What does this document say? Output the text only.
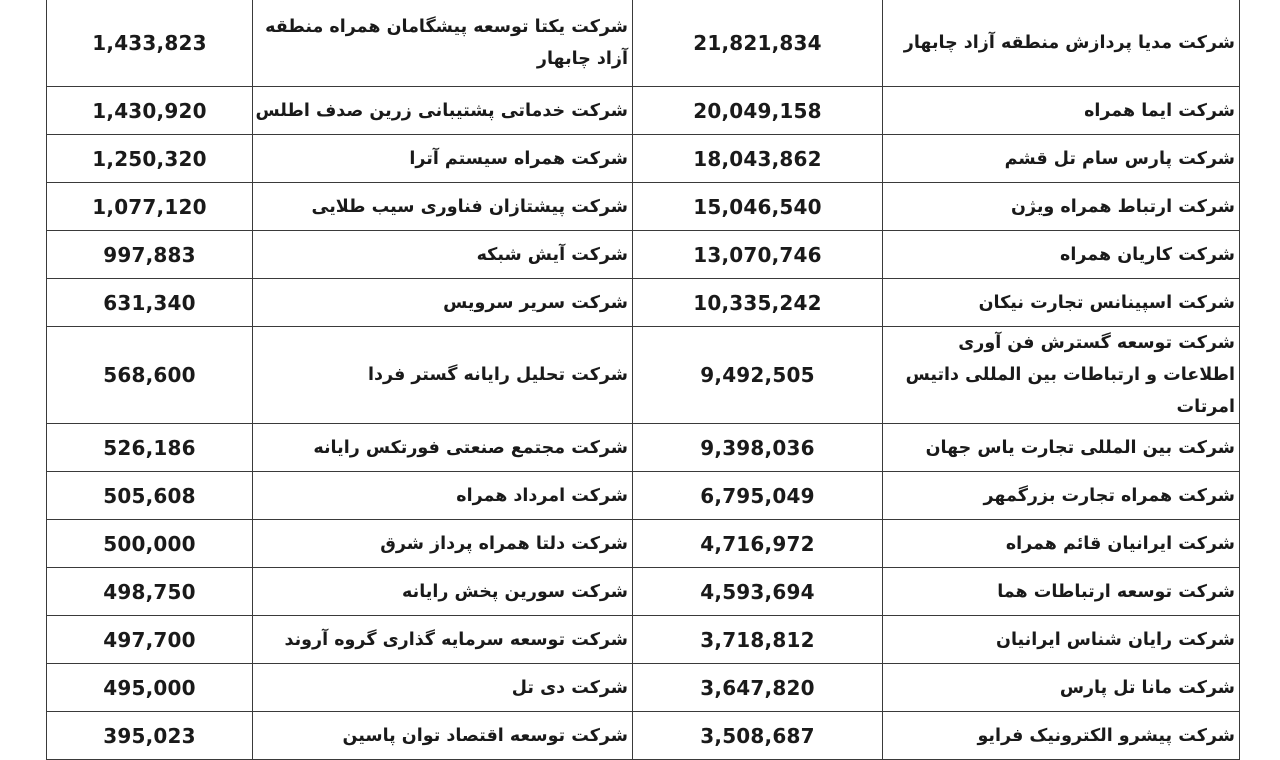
1,433,823	شرکت یکتا توسعه پیشگامان همراه منطقه آزاد چابهار	21,821,834	شرکت مدیا پردازش منطقه آزاد چابهار
1,430,920	شرکت خدماتی پشتیبانی زرین صدف اطلس	20,049,158	شرکت ایما همراه
1,250,320	شرکت همراه سیستم آترا	18,043,862	شرکت پارس سام تل قشم
1,077,120	شرکت پیشتازان فناوری سیب طلایی	15,046,540	شرکت ارتباط همراه ویژن
997,883	شرکت آیش شبکه	13,070,746	شرکت کاریان همراه
631,340	شرکت سریر سرویس	10,335,242	شرکت اسپینانس تجارت نیکان
568,600	شرکت تحلیل رایانه گستر فردا	9,492,505	شرکت توسعه گسترش فن آوری اطلاعات و ارتباطات بین المللی داتیس امرتات

526,186	شرکت مجتمع صنعتی فورتکس رایانه	9,398,036	شرکت بین المللی تجارت یاس جهان
505,608	شرکت امرداد همراه	6,795,049	شرکت همراه تجارت بزرگمهر
500,000	شرکت دلتا همراه پرداز شرق	4,716,972	شرکت ایرانیان قائم همراه
498,750	شرکت سورین پخش رایانه	4,593,694	شرکت توسعه ارتباطات هما
497,700	شرکت توسعه سرمایه گذاری گروه آروند	3,718,812	شرکت رایان شناس ایرانیان
495,000	شرکت دی تل	3,647,820	شرکت مانا تل پارس
395,023	شرکت توسعه اقتصاد توان پاسین	3,508,687	شرکت پیشرو الکترونیک فرایو
